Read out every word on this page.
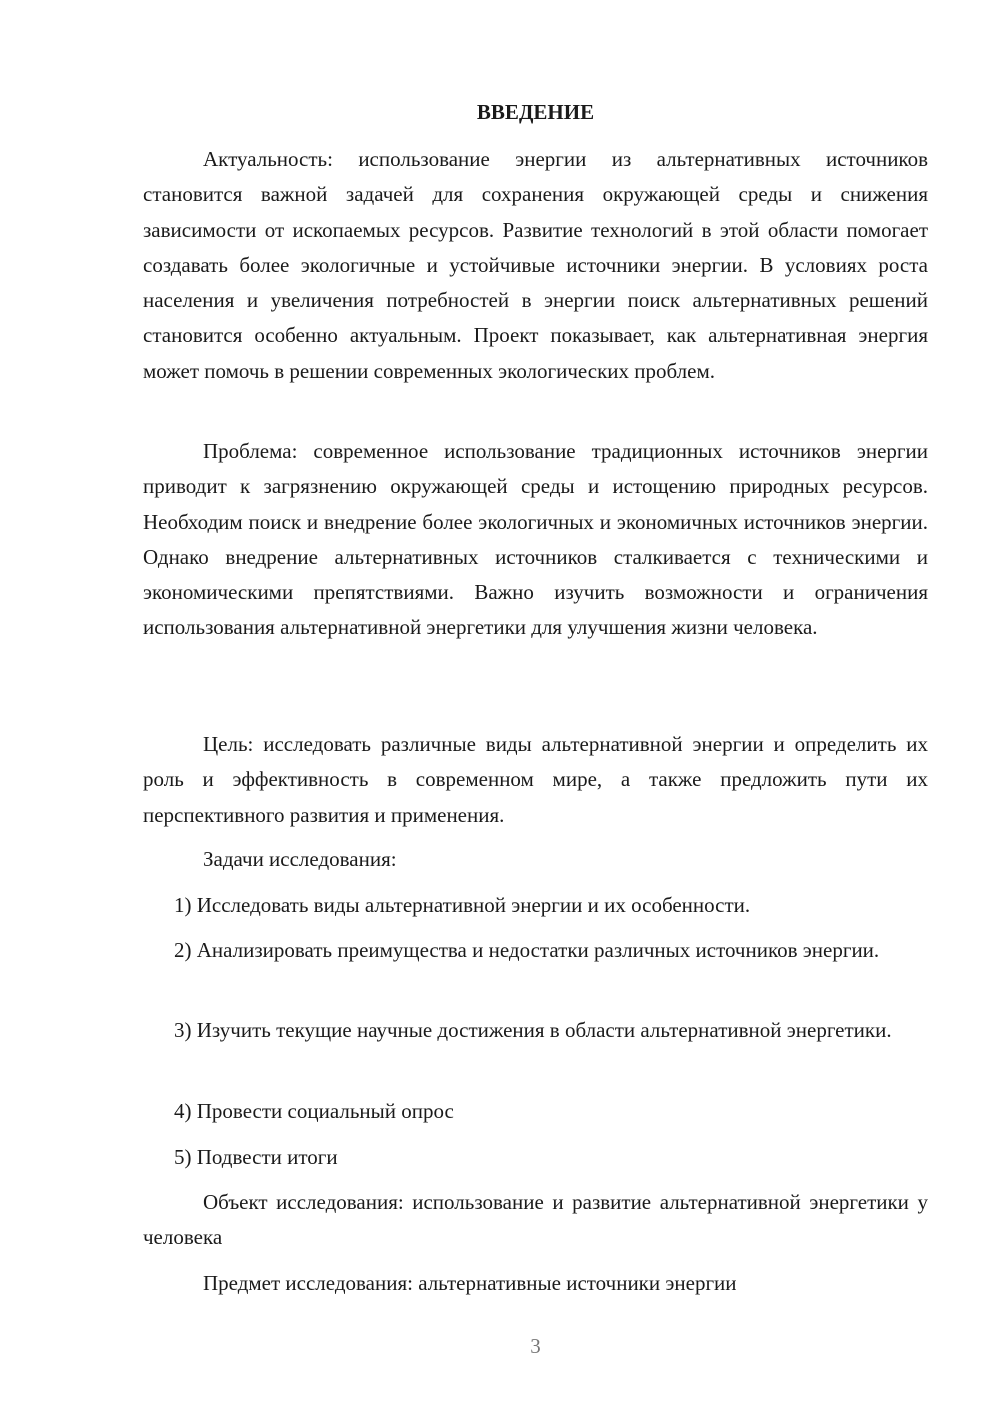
ВВЕДЕНИЕ

Актуальность: использование энергии из альтернативных источников становится важной задачей для сохранения окружающей среды и снижения зависимости от ископаемых ресурсов. Развитие технологий в этой области помогает создавать более экологичные и устойчивые источники энергии. В условиях роста населения и увеличения потребностей в энергии поиск альтернативных решений становится особенно актуальным. Проект показывает, как альтернативная энергия может помочь в решении современных экологических проблем.

Проблема: современное использование традиционных источников энергии приводит к загрязнению окружающей среды и истощению природных ресурсов. Необходим поиск и внедрение более экологичных и экономичных источников энергии. Однако внедрение альтернативных источников сталкивается с техническими и экономическими препятствиями. Важно изучить возможности и ограничения использования альтернативной энергетики для улучшения жизни человека.

Цель: исследовать различные виды альтернативной энергии и определить их роль и эффективность в современном мире, а также предложить пути их перспективного развития и применения.

Задачи исследования:

1) Исследовать виды альтернативной энергии и их особенности.

2) Анализировать преимущества и недостатки различных источников энергии.

3) Изучить текущие научные достижения в области альтернативной энергетики.

4) Провести социальный опрос

5) Подвести итоги

Объект исследования: использование и развитие альтернативной энергетики у человека

Предмет исследования: альтернативные источники энергии

3
